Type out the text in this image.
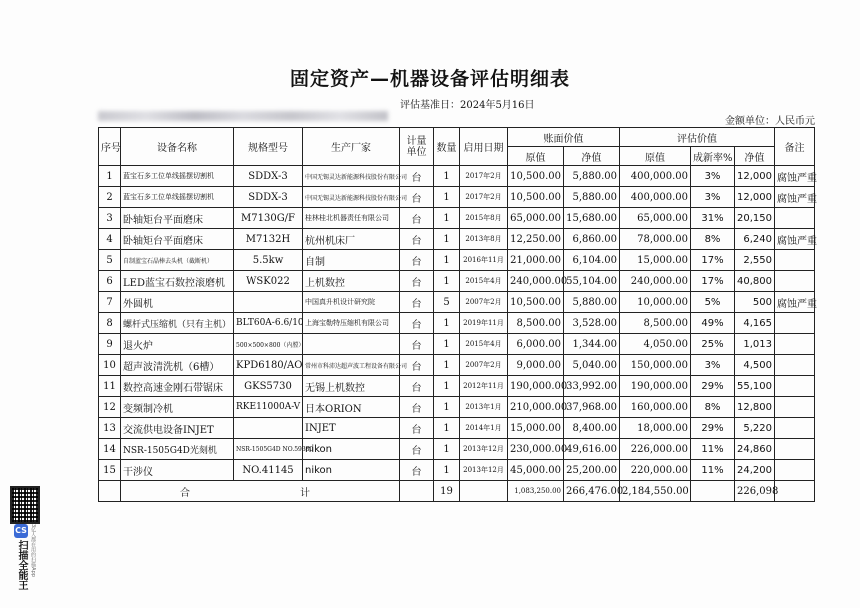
固定资产—机器设备评估明细表
评估基准日：2024年5月16日
金额单位：人民币元
序号	设备名称	规格型号	生产厂家	计量单位	数量	启用日期	账面价值		评估价值			备注
							原值	净值	原值	成新率%	净值	
1	蓝宝石多工位单线摇摆切割机	SDDX-3	中国无锡灵达新能源科技股份有限公司	台	1	2017年2月	10,500.00	5,880.00	400,000.00	3%	12,000	腐蚀严重
2	蓝宝石多工位单线摇摆切割机	SDDX-3	中国无锡灵达新能源科技股份有限公司	台	1	2017年2月	10,500.00	5,880.00	400,000.00	3%	12,000	腐蚀严重
3	卧轴矩台平面磨床	M7130G/F	桂林桂北机器责任有限公司	台	1	2015年8月	65,000.00	15,680.00	65,000.00	31%	20,150	
4	卧轴矩台平面磨床	M7132H	杭州机床厂	台	1	2013年8月	12,250.00	6,860.00	78,000.00	8%	6,240	腐蚀严重
5	自制蓝宝石晶棒去头机（截断机）	5.5kw	自制	台	1	2016年11月	21,000.00	6,104.00	15,000.00	17%	2,550	
6	LED蓝宝石数控滚磨机	WSK022	上机数控	台	1	2015年4月	240,000.00	55,104.00	240,000.00	17%	40,800	
7	外圆机		中国真升机设计研究院	台	5	2007年2月	10,500.00	5,880.00	10,000.00	5%	500	腐蚀严重
8	螺杆式压缩机（只有主机）	BLT60A-6.6/10	上海宝勒特压缩机有限公司	台	1	2019年11月	8,500.00	3,528.00	8,500.00	49%	4,165	
9	退火炉	500×500×800（内膛）		台	1	2015年4月	6,000.00	1,344.00	4,050.00	25%	1,013	
10	超声波清洗机（6槽）	KPD6180/AO	常州市科沛达超声波工程设备有限公司	台	1	2007年2月	9,000.00	5,040.00	150,000.00	3%	4,500	
11	数控高速金刚石带锯床	GKS5730	无锡上机数控	台	1	2012年11月	190,000.00	33,992.00	190,000.00	29%	55,100	
12	变频制冷机	RKE11000A-V	日本ORION	台	1	2013年1月	210,000.00	37,968.00	160,000.00	8%	12,800	
13	交流供电设备INJET		INJET	台	1	2014年1月	15,000.00	8,400.00	18,000.00	29%	5,220	
14	NSR-1505G4D光刻机	NSR-1505G4D NO.59380	nikon	台	1	2013年12月	230,000.00	49,616.00	226,000.00	11%	24,860	
15	干涉仪	NO.41145	nikon	台	1	2013年12月	45,000.00	25,200.00	220,000.00	11%	24,200	
	合　　计				19		1,083,250.00	266,476.00	2,184,550.00		226,098	
CS
扫描全能王 3亿人都在用的扫描App
